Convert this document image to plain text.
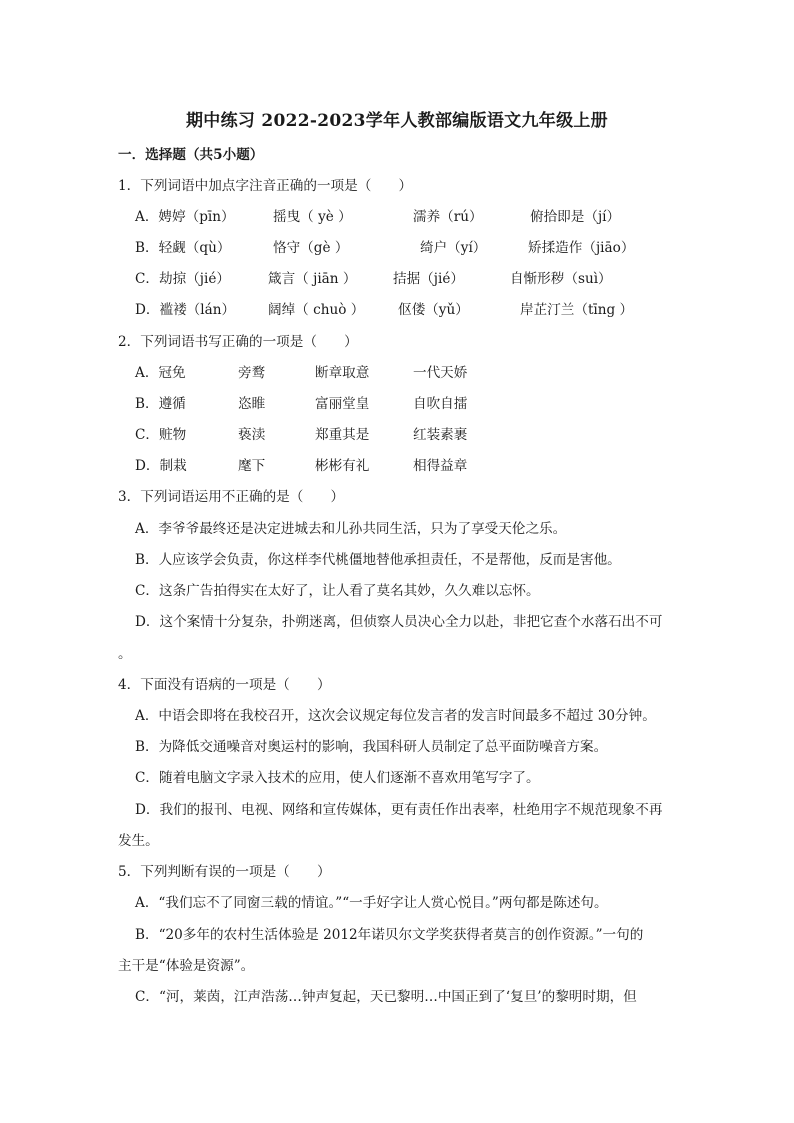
期中练习 2022-2023学年人教部编版语文九年级上册
一．选择题（共5小题）
1．下列词语中加点字注音正确的一项是（　　）
A．娉婷（pīn）	摇曳（ yè ）	濡养（rú）	俯拾即是（jí）
B．轻觑（qù）	恪守（gè ）	绮户（yí）	矫揉造作（jiāo）
C．劫掠（jié）	箴言（ jiān ）	拮据（jié）	自惭形秽（suì）
D．褴褛（lán） 阔绰（ chuò ） 伛偻（yǔ）	岸芷汀兰（tīng ）
2．下列词语书写正确的一项是（　　）
A．冠免	旁鹜	断章取意	一代天娇
B．遵循	恣睢	富丽堂皇	自吹自擂
C．赃物	亵渎	郑重其是	红装素裹
D．制栽	麾下	彬彬有礼	相得益章
3．下列词语运用不正确的是（　　）
A．李爷爷最终还是决定进城去和儿孙共同生活，只为了享受天伦之乐。
B．人应该学会负责，你这样李代桃僵地替他承担责任，不是帮他，反而是害他。
C．这条广告拍得实在太好了，让人看了莫名其妙，久久难以忘怀。
D．这个案情十分复杂，扑朔迷离，但侦察人员决心全力以赴，非把它查个水落石出不可
。
4．下面没有语病的一项是（　　）
A．中语会即将在我校召开，这次会议规定每位发言者的发言时间最多不超过 30分钟。
B．为降低交通噪音对奥运村的影响，我国科研人员制定了总平面防噪音方案。
C．随着电脑文字录入技术的应用，使人们逐渐不喜欢用笔写字了。
D．我们的报刊、电视、网络和宣传媒体，更有责任作出表率，杜绝用字不规范现象不再
发生。
5．下列判断有误的一项是（　　）
A．“我们忘不了同窗三载的情谊。”“一手好字让人赏心悦目。”两句都是陈述句。
B．“20多年的农村生活体验是 2012年诺贝尔文学奖获得者莫言的创作资源。”一句的
主干是“体验是资源”。
C．“河，莱茵，江声浩荡…钟声复起，天已黎明…中国正到了‘复旦’的黎明时期，但
